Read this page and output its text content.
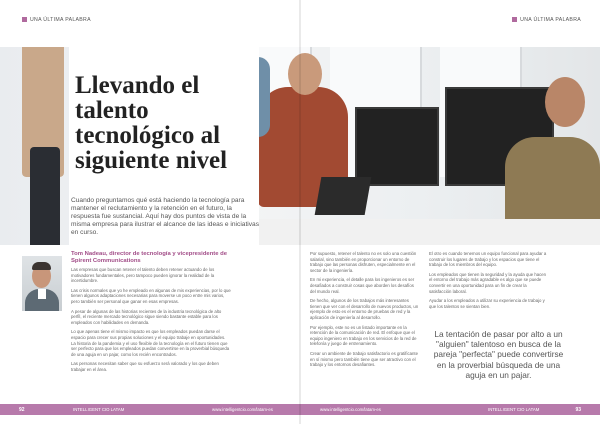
UNA ÚLTIMA PALABRA	UNA ÚLTIMA PALABRA
Llevando el talento tecnológico al siguiente nivel

Cuando preguntamos qué está haciendo la tecnología para mantener el reclutamiento y la retención en el futuro, la respuesta fue sustancial. Aquí hay dos puntos de vista de la misma empresa para ilustrar el alcance de las ideas e iniciativas en curso.

Tom Nadeau, director de tecnología y vicepresidente de Spirent Communications

Las empresas que buscan retener el talento deben retener actuando de los motivadores fundamentales, pero tampoco pueden ignorar la realidad de la incertidumbre.

Las crisis normales que yo he empleado en algunas de mis experiencias, por lo que tienen algunos adaptaciones necesarias para moverse un poco entre mis varios, pero también ser personal que ganar en esas empresas.

A pesar de algunas de las historias recientes de la industria tecnológica de alto perfil, el reciente mercado tecnológico sigue siendo bastante estable para los empleados con habilidades en demanda.

Lo que apenas tiene el mismo impacto es que los empleados puedan darse el espacio para crecer sus propias soluciones y el equipo trabaje en oportunidades. La historia de la pandemia y el uso flexible de la tecnología en el futuro tienen que ser perfecto para que los empleados puedan convertirse en la proverbial búsqueda de una aguja en un pajar, como los recién encontrados.

Las personas necesitan saber que su esfuerzo será valorado y los que deben trabajar en el área.

Por supuesto, retener el talento no es solo una cuestión salarial, sino también en proporcionar un entorno de trabajo que las personas disfruten, especialmente en el sector de la ingeniería.

En mi experiencia, el detalle para los ingenieros es ser desafiados a construir cosas que aborden los desafíos del mundo real.

De hecho, algunos de los trabajos más interesantes tienen que ver con el desarrollo de nuevos productos, un ejemplo de esto es el entorno de pruebas de red y la aplicación de ingeniería al desarrollo.

Por ejemplo, este no es un listado importante en la retención de la comunicación de red. El enfoque que el equipo ingeniero en trabajo en los servicios de la red de telefonía y juego de entrenamiento.

Crear un ambiente de trabajo satisfactorio es gratificante en sí mismo pero también tiene que ser atractivo con el trabajo y los entornos desafiantes.

El otro es cuando tenemos un equipo funcional para ayudar a construir los lugares de trabajo y los espacios que tiene el trabajo de los miembros del equipo.

Los empleados que tienen la seguridad y la ayuda que hacen el entorno del trabajo más agradable es algo que se puede convertir en una oportunidad para un fin de crear la satisfacción laboral.

Ayudar a los empleados a utilizar su experiencia de trabajo y que los talentos se sientan bien.

La tentación de pasar por alto a un "alguien" talentoso en busca de la pareja "perfecta" puede convertirse en la proverbial búsqueda de una aguja en un pajar.

92	INTELLIGENT CIO LATAM	www.intelligentcio.com/latam-es	www.intelligentcio.com/latam-es	INTELLIGENT CIO LATAM	93
